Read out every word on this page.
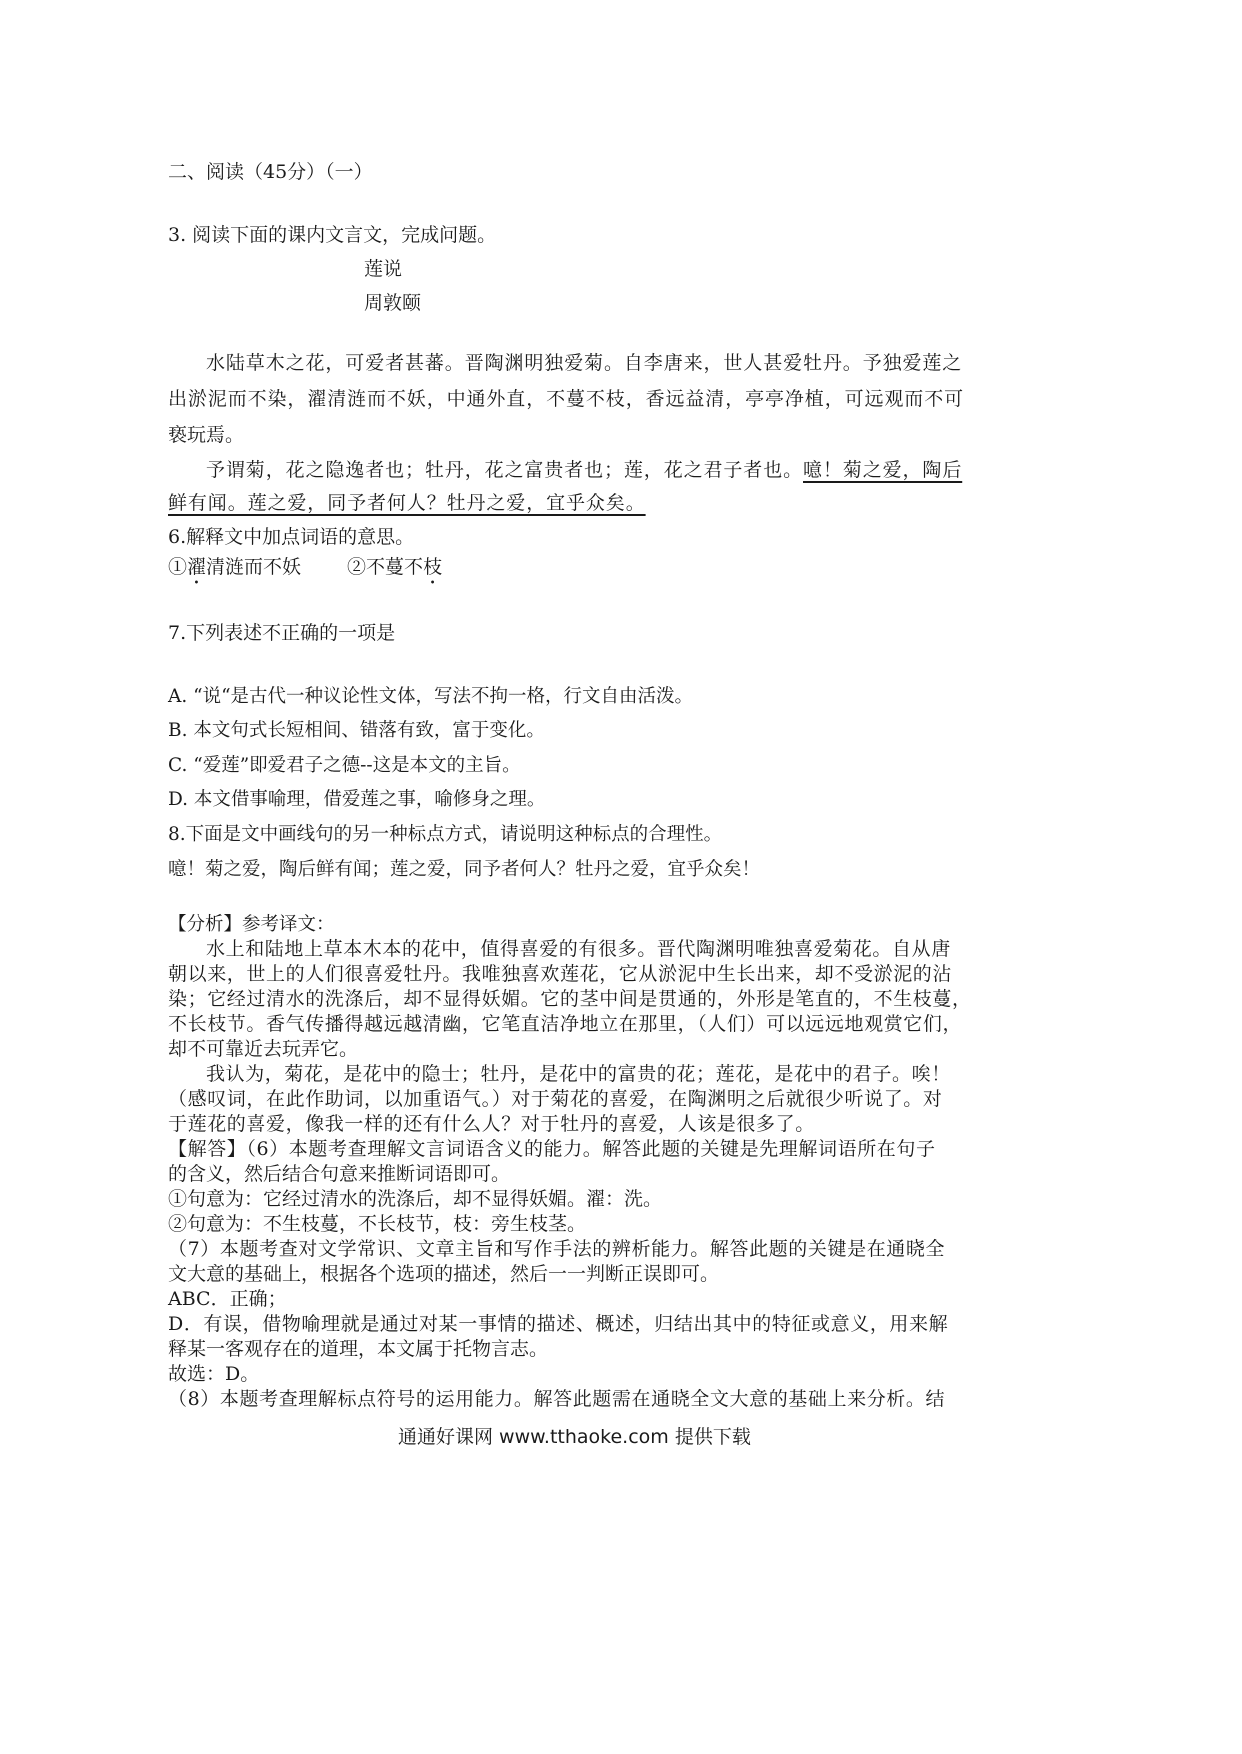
二、阅读（45分）（一）
3. 阅读下面的课内文言文，完成问题。
莲说
周敦颐
水陆草木之花，可爱者甚蕃。晋陶渊明独爱菊。自李唐来，世人甚爱牡丹。予独爱莲之
出淤泥而不染，濯清涟而不妖，中通外直，不蔓不枝，香远益清，亭亭净植，可远观而不可
亵玩焉。
予谓菊，花之隐逸者也；牡丹，花之富贵者也；莲，花之君子者也。噫！菊之爱，陶后
鲜有闻。莲之爱，同予者何人？牡丹之爱，宜乎众矣。
6.解释文中加点词语的意思。
①濯清涟而不妖 ②不蔓不枝
7.下列表述不正确的一项是
A. “说“是古代一种议论性文体，写法不拘一格，行文自由活泼。
B. 本文句式长短相间、错落有致，富于变化。
C. “爱莲”即爱君子之德--这是本文的主旨。
D. 本文借事喻理，借爱莲之事，喻修身之理。
8.下面是文中画线句的另一种标点方式，请说明这种标点的合理性。
噫！菊之爱，陶后鲜有闻；莲之爱，同予者何人？牡丹之爱，宜乎众矣！
【分析】参考译文：
水上和陆地上草本木本的花中，值得喜爱的有很多。晋代陶渊明唯独喜爱菊花。自从唐
朝以来，世上的人们很喜爱牡丹。我唯独喜欢莲花，它从淤泥中生长出来，却不受淤泥的沾
染；它经过清水的洗涤后，却不显得妖媚。它的茎中间是贯通的，外形是笔直的，不生枝蔓，
不长枝节。香气传播得越远越清幽，它笔直洁净地立在那里，（人们）可以远远地观赏它们，
却不可靠近去玩弄它。
我认为，菊花，是花中的隐士；牡丹，是花中的富贵的花；莲花，是花中的君子。唉！
（感叹词，在此作助词，以加重语气。）对于菊花的喜爱，在陶渊明之后就很少听说了。对
于莲花的喜爱，像我一样的还有什么人？对于牡丹的喜爱，人该是很多了。
【解答】（6）本题考查理解文言词语含义的能力。解答此题的关键是先理解词语所在句子
的含义，然后结合句意来推断词语即可。
①句意为：它经过清水的洗涤后，却不显得妖媚。濯：洗。
②句意为：不生枝蔓，不长枝节，枝：旁生枝茎。
（7）本题考查对文学常识、文章主旨和写作手法的辨析能力。解答此题的关键是在通晓全
文大意的基础上，根据各个选项的描述，然后一一判断正误即可。
ABC．正确；
D．有误，借物喻理就是通过对某一事情的描述、概述，归结出其中的特征或意义，用来解
释某一客观存在的道理，本文属于托物言志。
故选：D。
（8）本题考查理解标点符号的运用能力。解答此题需在通晓全文大意的基础上来分析。结
通通好课网 www.tthaoke.com 提供下载
